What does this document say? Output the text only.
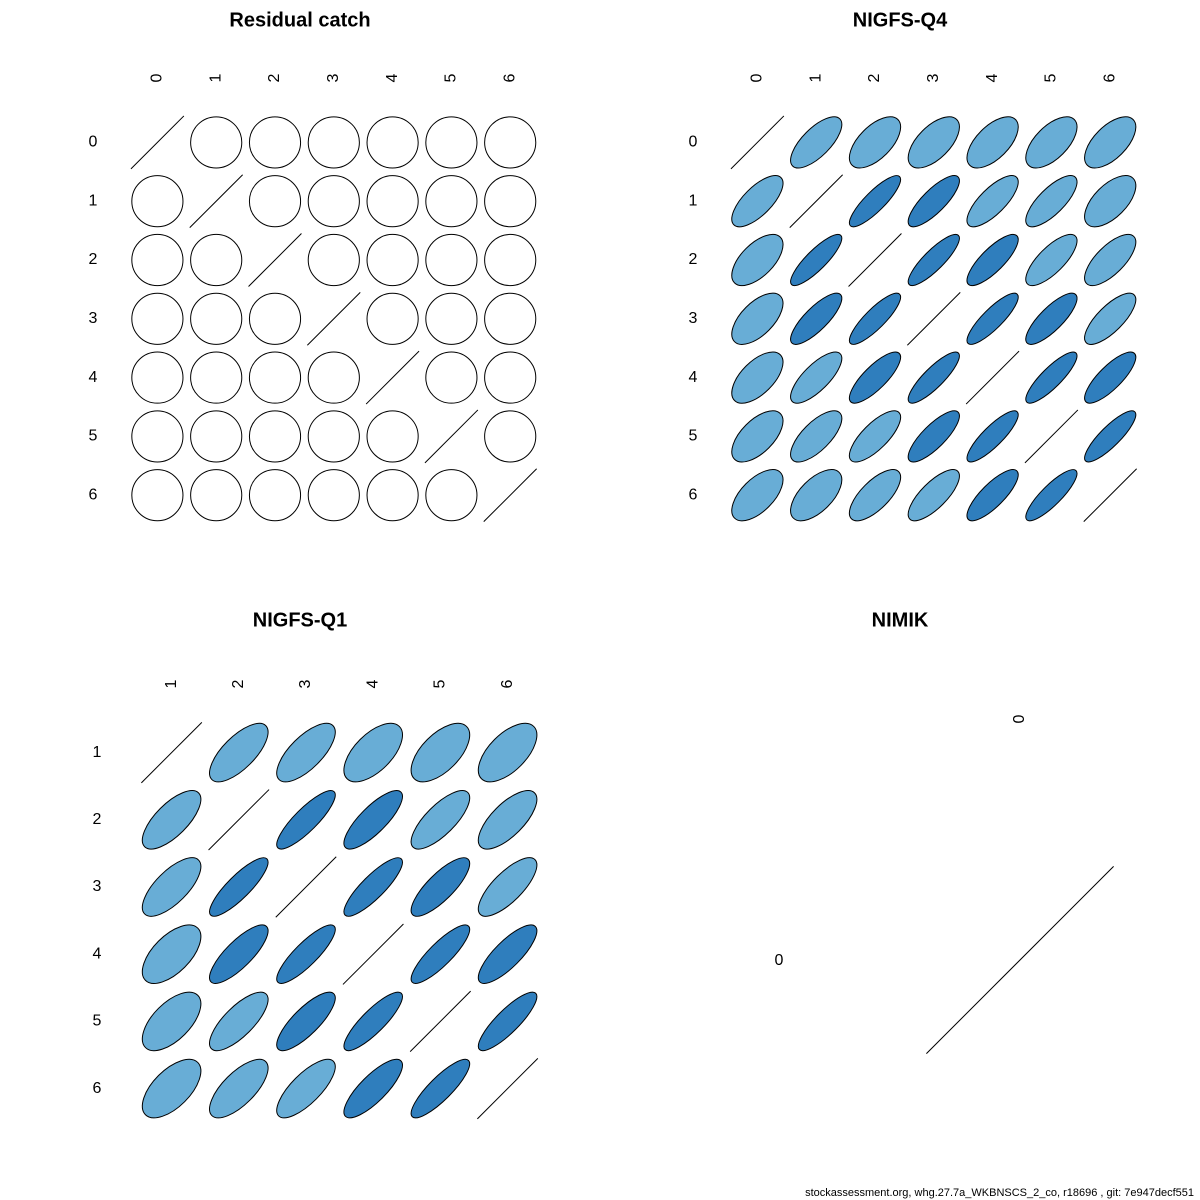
Residual catch
0
0
1
1
2
2
3
3
4
4
5
5
6
6
NIGFS-Q4
0
0
1
1
2
2
3
3
4
4
5
5
6
6
NIGFS-Q1
1
1
2
2
3
3
4
4
5
5
6
6
NIMIK
0
0
stockassessment.org, whg.27.7a_WKBNSCS_2_co, r18696 , git: 7e947decf551
